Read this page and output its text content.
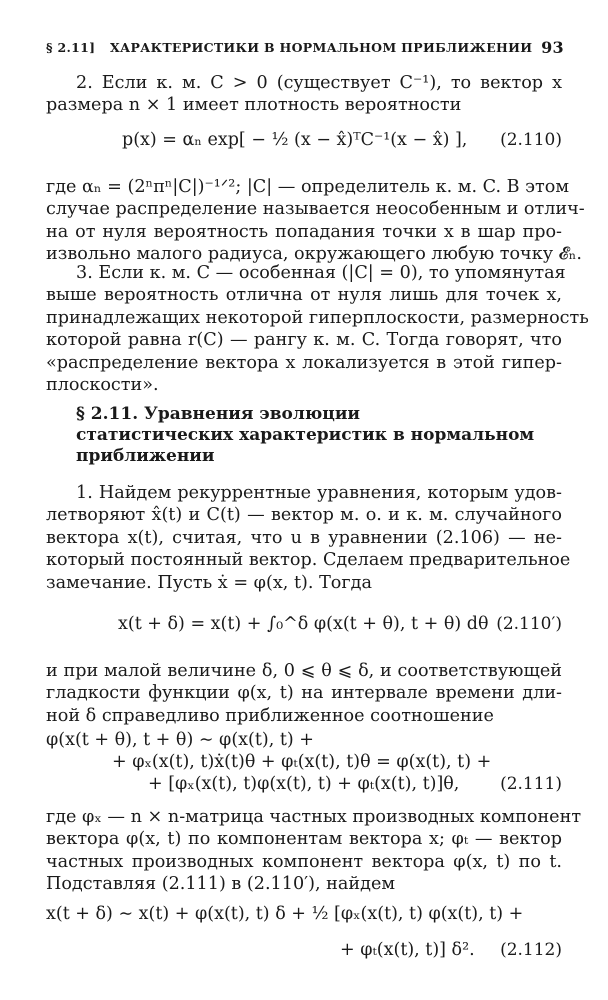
§ 2.11] ХАРАКТЕРИСТИКИ В НОРМАЛЬНОМ ПРИБЛИЖЕНИИ 93
2. Если к. м. C > 0 (существует C⁻¹), то вектор x
размера n × 1 имеет плотность вероятности
p(x) = αₙ exp[ − ½ (x − x̂)ᵀC⁻¹(x − x̂) ], (2.110)
где αₙ = (2ⁿπⁿ|C|)⁻¹ᐟ²; |C| — определитель к. м. C. В этом
случае распределение называется неособенным и отлич-
на от нуля вероятность попадания точки x в шар про-
извольно малого радиуса, окружающего любую точку 𝓔ₙ.
3. Если к. м. C — особенная (|C| = 0), то упомянутая
выше вероятность отлична от нуля лишь для точек x,
принадлежащих некоторой гиперплоскости, размерность
которой равна r(C) — рангу к. м. C. Тогда говорят, что
«распределение вектора x локализуется в этой гипер-
плоскости».
§ 2.11. Уравнения эволюции
статистических характеристик в нормальном
приближении
1. Найдем рекуррентные уравнения, которым удов-
летворяют x̂(t) и C(t) — вектор м. о. и к. м. случайного
вектора x(t), считая, что u в уравнении (2.106) — не-
который постоянный вектор. Сделаем предварительное
замечание. Пусть ẋ = φ(x, t). Тогда
x(t + δ) = x(t) + ∫₀^δ φ(x(t + θ), t + θ) dθ (2.110′)
и при малой величине δ, 0 ⩽ θ ⩽ δ, и соответствующей
гладкости функции φ(x, t) на интервале времени дли-
ной δ справедливо приближенное соотношение
φ(x(t + θ), t + θ) ∼ φ(x(t), t) +
+ φₓ(x(t), t)ẋ(t)θ + φₜ(x(t), t)θ = φ(x(t), t) +
+ [φₓ(x(t), t)φ(x(t), t) + φₜ(x(t), t)]θ, (2.111)
где φₓ — n × n-матрица частных производных компонент
вектора φ(x, t) по компонентам вектора x; φₜ — вектор
частных производных компонент вектора φ(x, t) по t.
Подставляя (2.111) в (2.110′), найдем
x(t + δ) ∼ x(t) + φ(x(t), t) δ + ½ [φₓ(x(t), t) φ(x(t), t) +
+ φₜ(x(t), t)] δ². (2.112)
